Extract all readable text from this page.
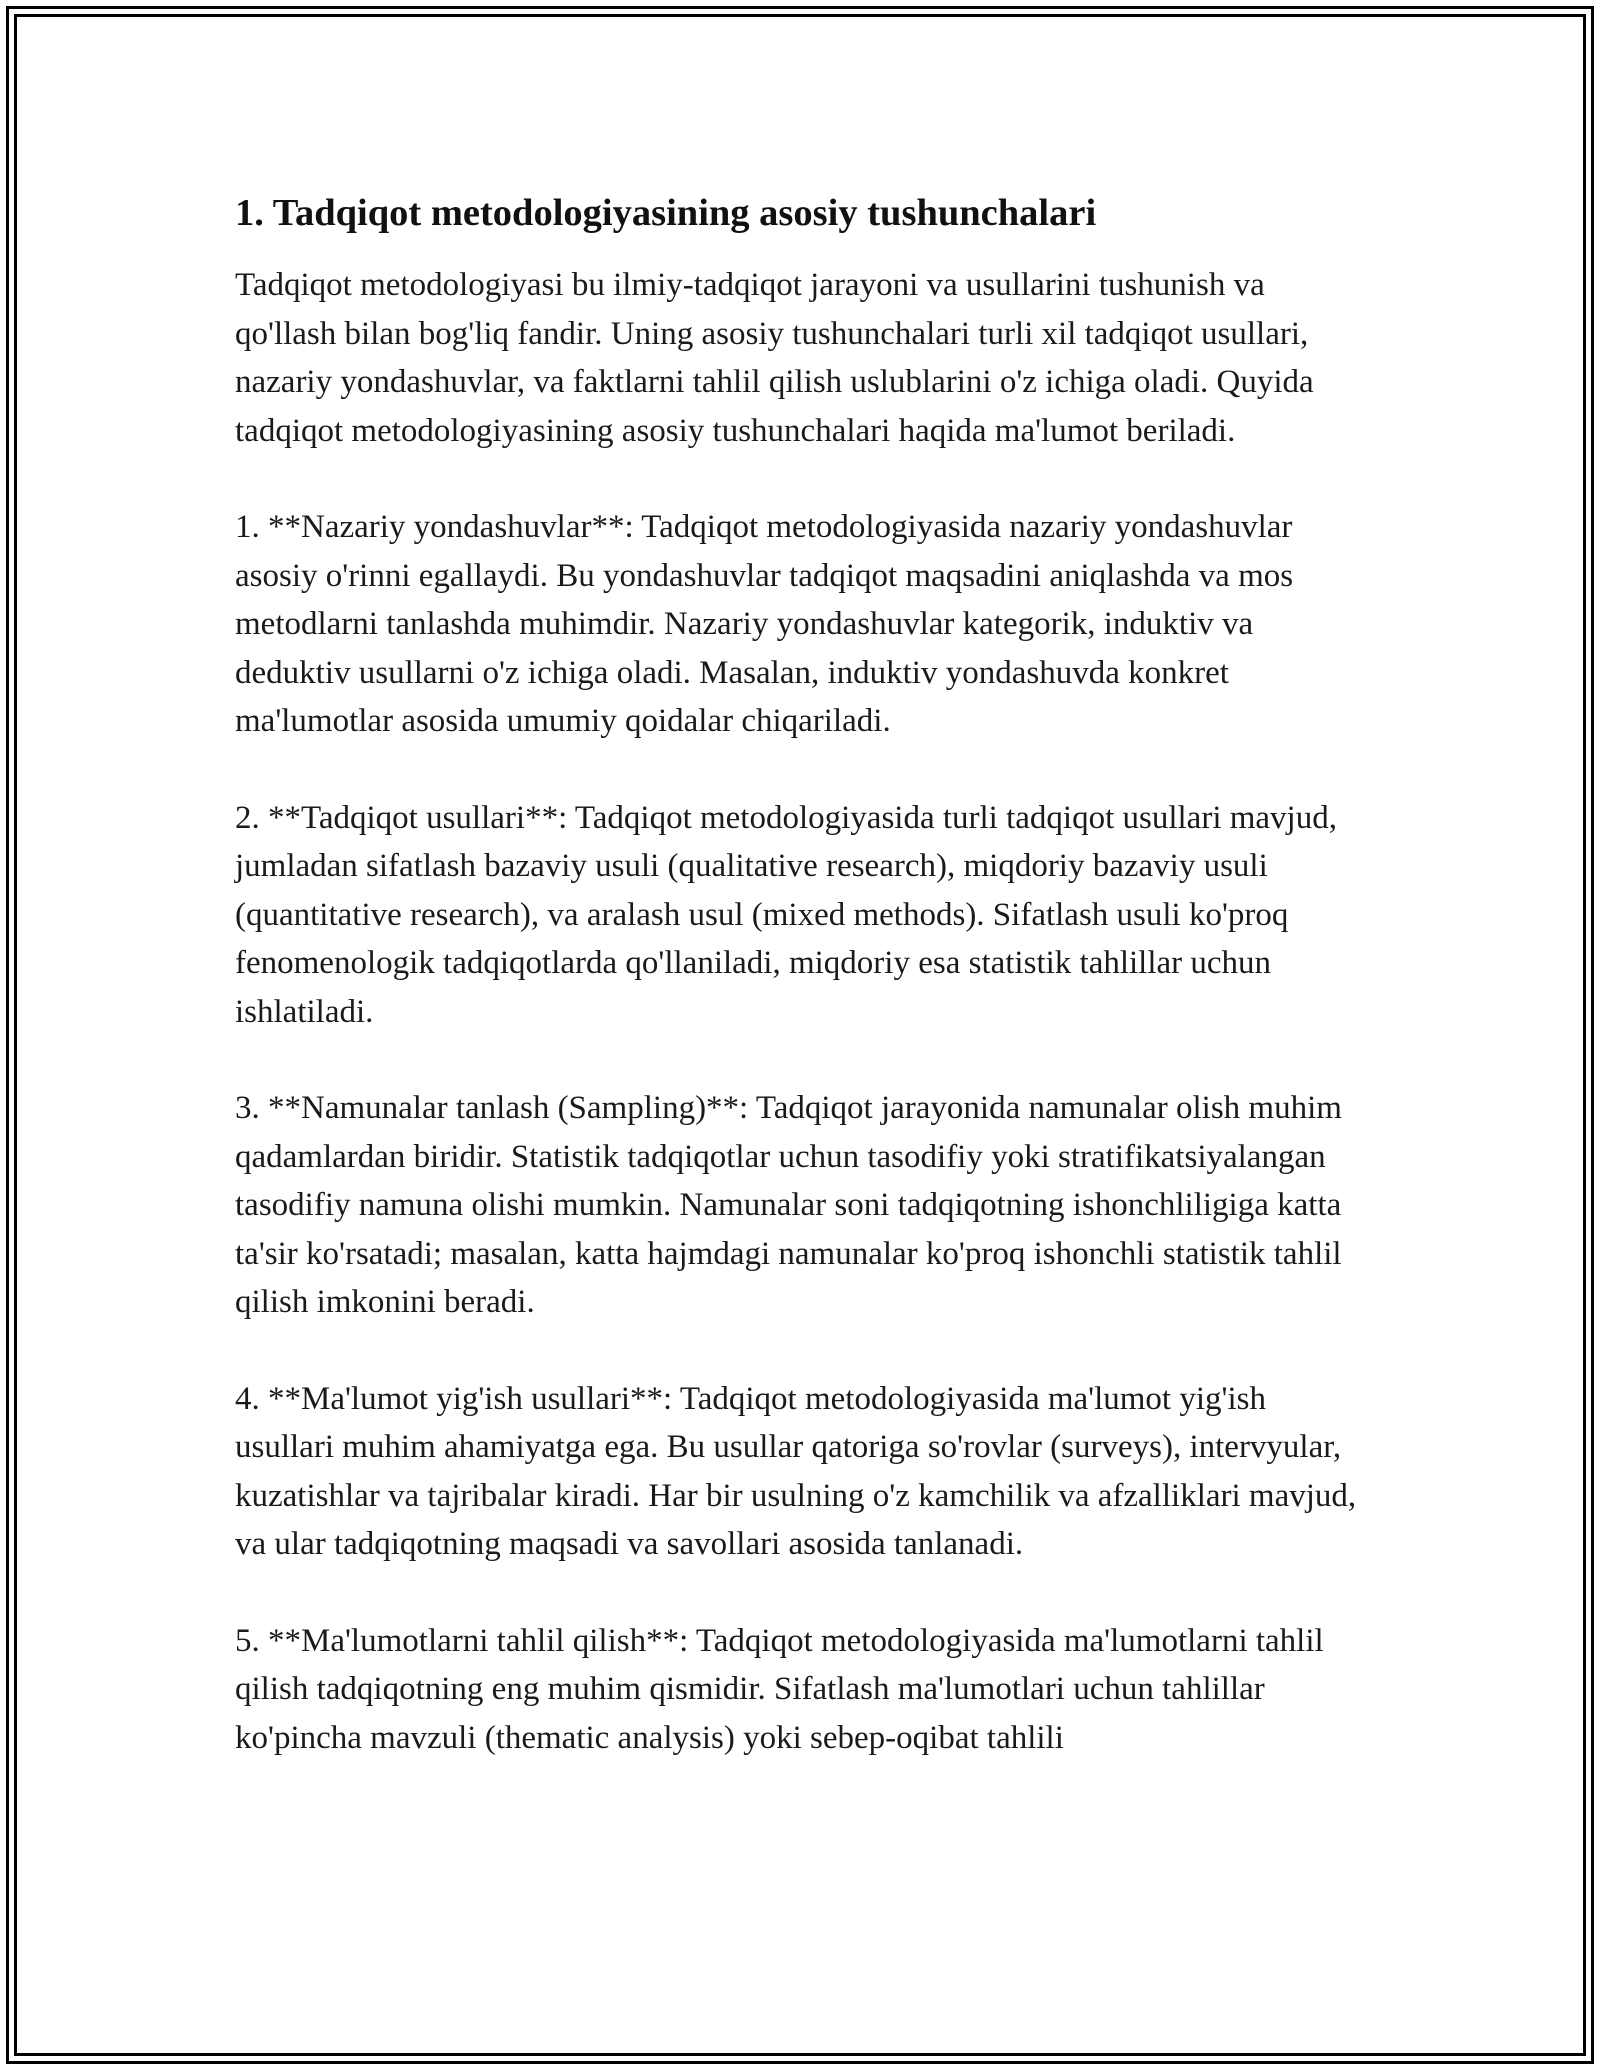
1. Tadqiqot metodologiyasining asosiy tushunchalari

Tadqiqot metodologiyasi bu ilmiy-tadqiqot jarayoni va usullarini tushunish va qo'llash bilan bog'liq fandir. Uning asosiy tushunchalari turli xil tadqiqot usullari, nazariy yondashuvlar, va faktlarni tahlil qilish uslublarini o'z ichiga oladi. Quyida tadqiqot metodologiyasining asosiy tushunchalari haqida ma'lumot beriladi.

1. **Nazariy yondashuvlar**: Tadqiqot metodologiyasida nazariy yondashuvlar asosiy o'rinni egallaydi. Bu yondashuvlar tadqiqot maqsadini aniqlashda va mos metodlarni tanlashda muhimdir. Nazariy yondashuvlar kategorik, induktiv va deduktiv usullarni o'z ichiga oladi. Masalan, induktiv yondashuvda konkret ma'lumotlar asosida umumiy qoidalar chiqariladi.

2. **Tadqiqot usullari**: Tadqiqot metodologiyasida turli tadqiqot usullari mavjud, jumladan sifatlash bazaviy usuli (qualitative research), miqdoriy bazaviy usuli (quantitative research), va aralash usul (mixed methods). Sifatlash usuli ko'proq fenomenologik tadqiqotlarda qo'llaniladi, miqdoriy esa statistik tahlillar uchun ishlatiladi.

3. **Namunalar tanlash (Sampling)**: Tadqiqot jarayonida namunalar olish muhim qadamlardan biridir. Statistik tadqiqotlar uchun tasodifiy yoki stratifikatsiyalangan tasodifiy namuna olishi mumkin. Namunalar soni tadqiqotning ishonchliligiga katta ta'sir ko'rsatadi; masalan, katta hajmdagi namunalar ko'proq ishonchli statistik tahlil qilish imkonini beradi.

4. **Ma'lumot yig'ish usullari**: Tadqiqot metodologiyasida ma'lumot yig'ish usullari muhim ahamiyatga ega. Bu usullar qatoriga so'rovlar (surveys), intervyular, kuzatishlar va tajribalar kiradi. Har bir usulning o'z kamchilik va afzalliklari mavjud, va ular tadqiqotning maqsadi va savollari asosida tanlanadi.

5. **Ma'lumotlarni tahlil qilish**: Tadqiqot metodologiyasida ma'lumotlarni tahlil qilish tadqiqotning eng muhim qismidir. Sifatlash ma'lumotlari uchun tahlillar ko'pincha mavzuli (thematic analysis) yoki sebep-oqibat tahlili
